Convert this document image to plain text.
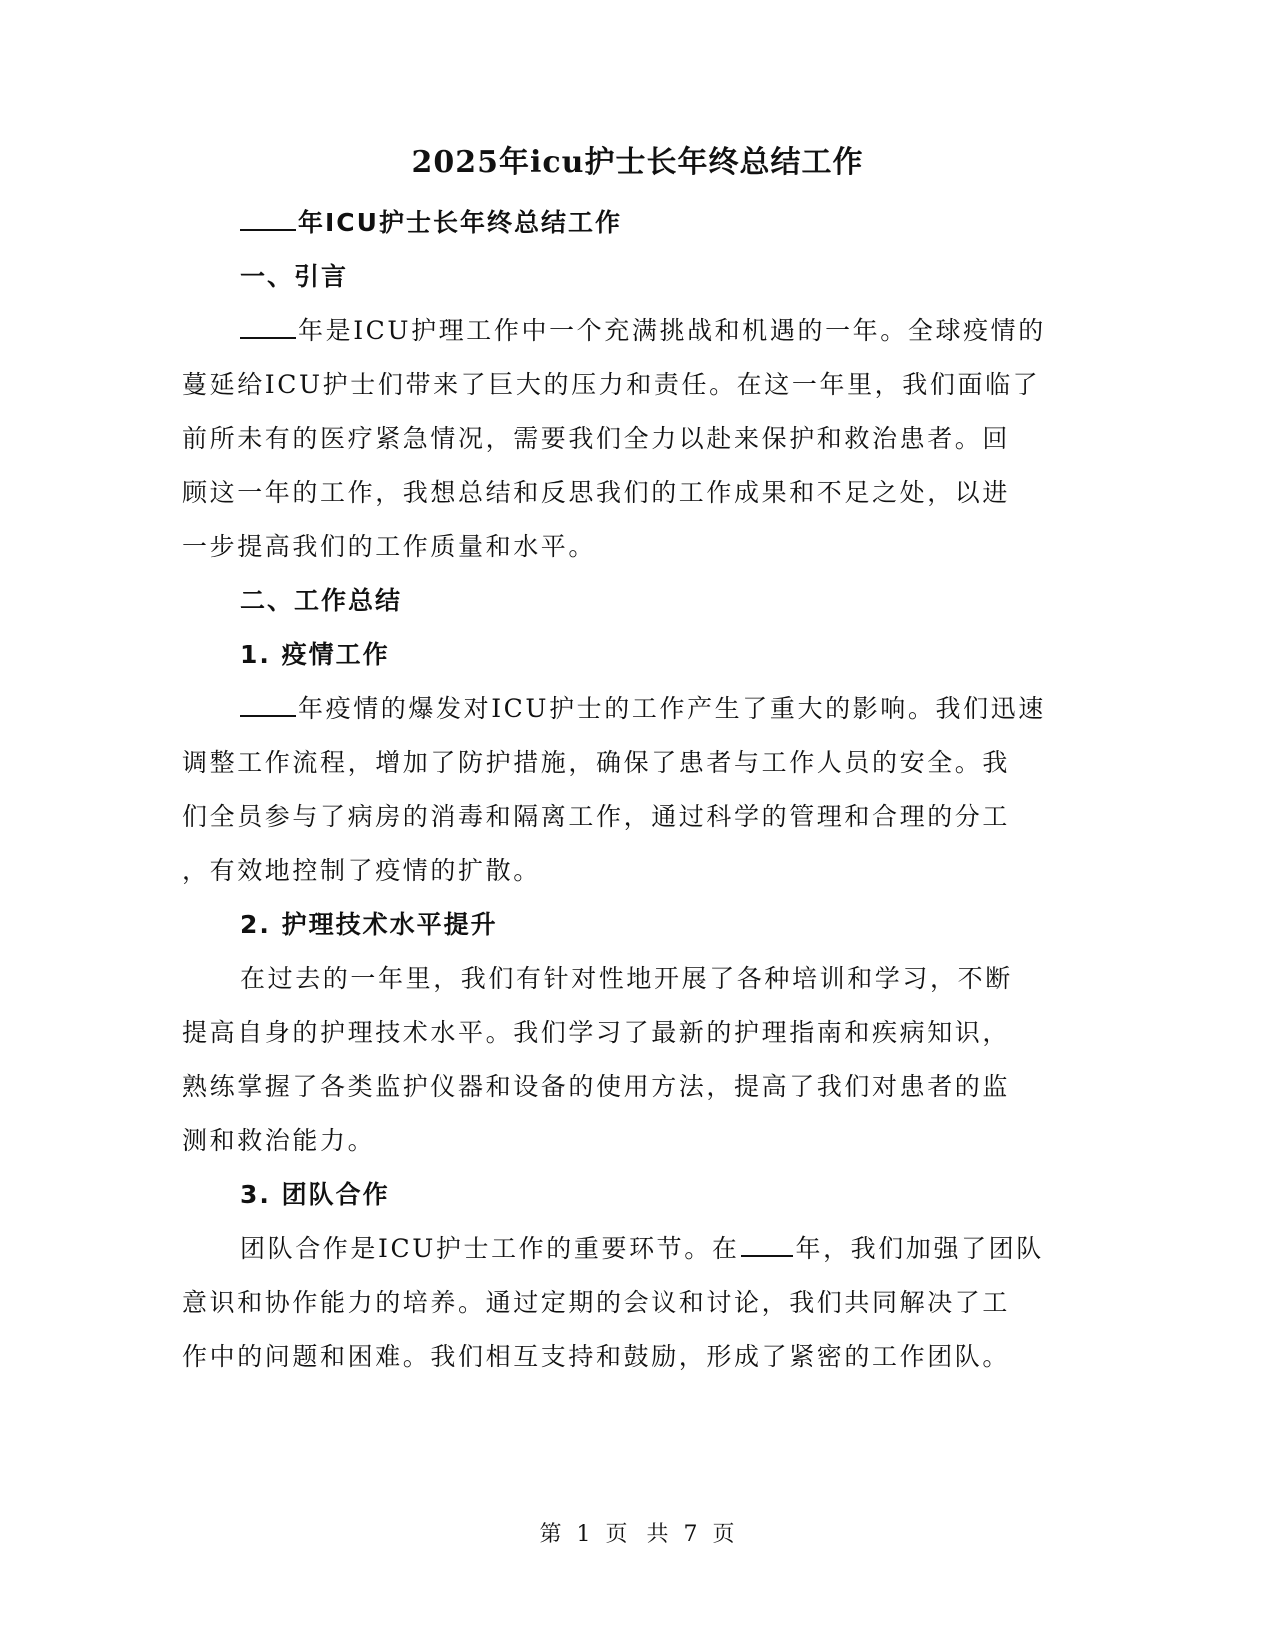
2025年icu护士长年终总结工作
年ICU护士长年终总结工作
一、引言
年是ICU护理工作中一个充满挑战和机遇的一年。全球疫情的
蔓延给ICU护士们带来了巨大的压力和责任。在这一年里，我们面临了
前所未有的医疗紧急情况，需要我们全力以赴来保护和救治患者。回
顾这一年的工作，我想总结和反思我们的工作成果和不足之处，以进
一步提高我们的工作质量和水平。
二、工作总结
1. 疫情工作
年疫情的爆发对ICU护士的工作产生了重大的影响。我们迅速
调整工作流程，增加了防护措施，确保了患者与工作人员的安全。我
们全员参与了病房的消毒和隔离工作，通过科学的管理和合理的分工
，有效地控制了疫情的扩散。
2. 护理技术水平提升
在过去的一年里，我们有针对性地开展了各种培训和学习，不断
提高自身的护理技术水平。我们学习了最新的护理指南和疾病知识，
熟练掌握了各类监护仪器和设备的使用方法，提高了我们对患者的监
测和救治能力。
3. 团队合作
团队合作是ICU护士工作的重要环节。在 年，我们加强了团队
意识和协作能力的培养。通过定期的会议和讨论，我们共同解决了工
作中的问题和困难。我们相互支持和鼓励，形成了紧密的工作团队。
第 1 页 共 7 页
